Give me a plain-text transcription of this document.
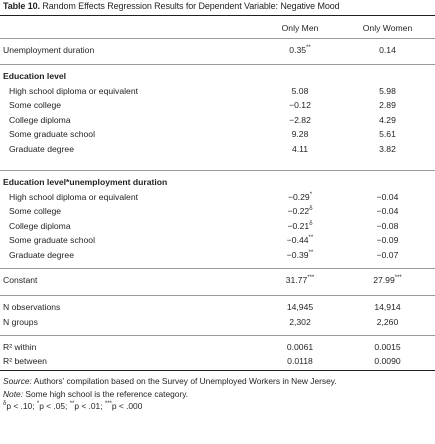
Table 10. Random Effects Regression Results for Dependent Variable: Negative Mood
Only Men	Only Women
Unemployment duration	0.35**	0.14
Education level
High school diploma or equivalent	5.08	5.98
Some college	−0.12	2.89
College diploma	−2.82	4.29
Some graduate school	9.28	5.61
Graduate degree	4.11	3.82
Education level*unemployment duration
High school diploma or equivalent	−0.29*	−0.04
Some college	$-0.22^\delta$	−0.04
College diploma	$-0.21^\delta$	−0.08
Some graduate school	−0.44**	−0.09
Graduate degree	−0.39**	−0.07
Constant	31.77***	27.99***
N observations	14,945	14,914
N groups	2,302	2,260
R² within	0.0061	0.0015
R² between	0.0118	0.0090
Source: Authors’ compilation based on the Survey of Unemployed Workers in New Jersey.
Note: Some high school is the reference category.
$^\delta$p < .10; *p < .05; **p < .01; ***p < .000
